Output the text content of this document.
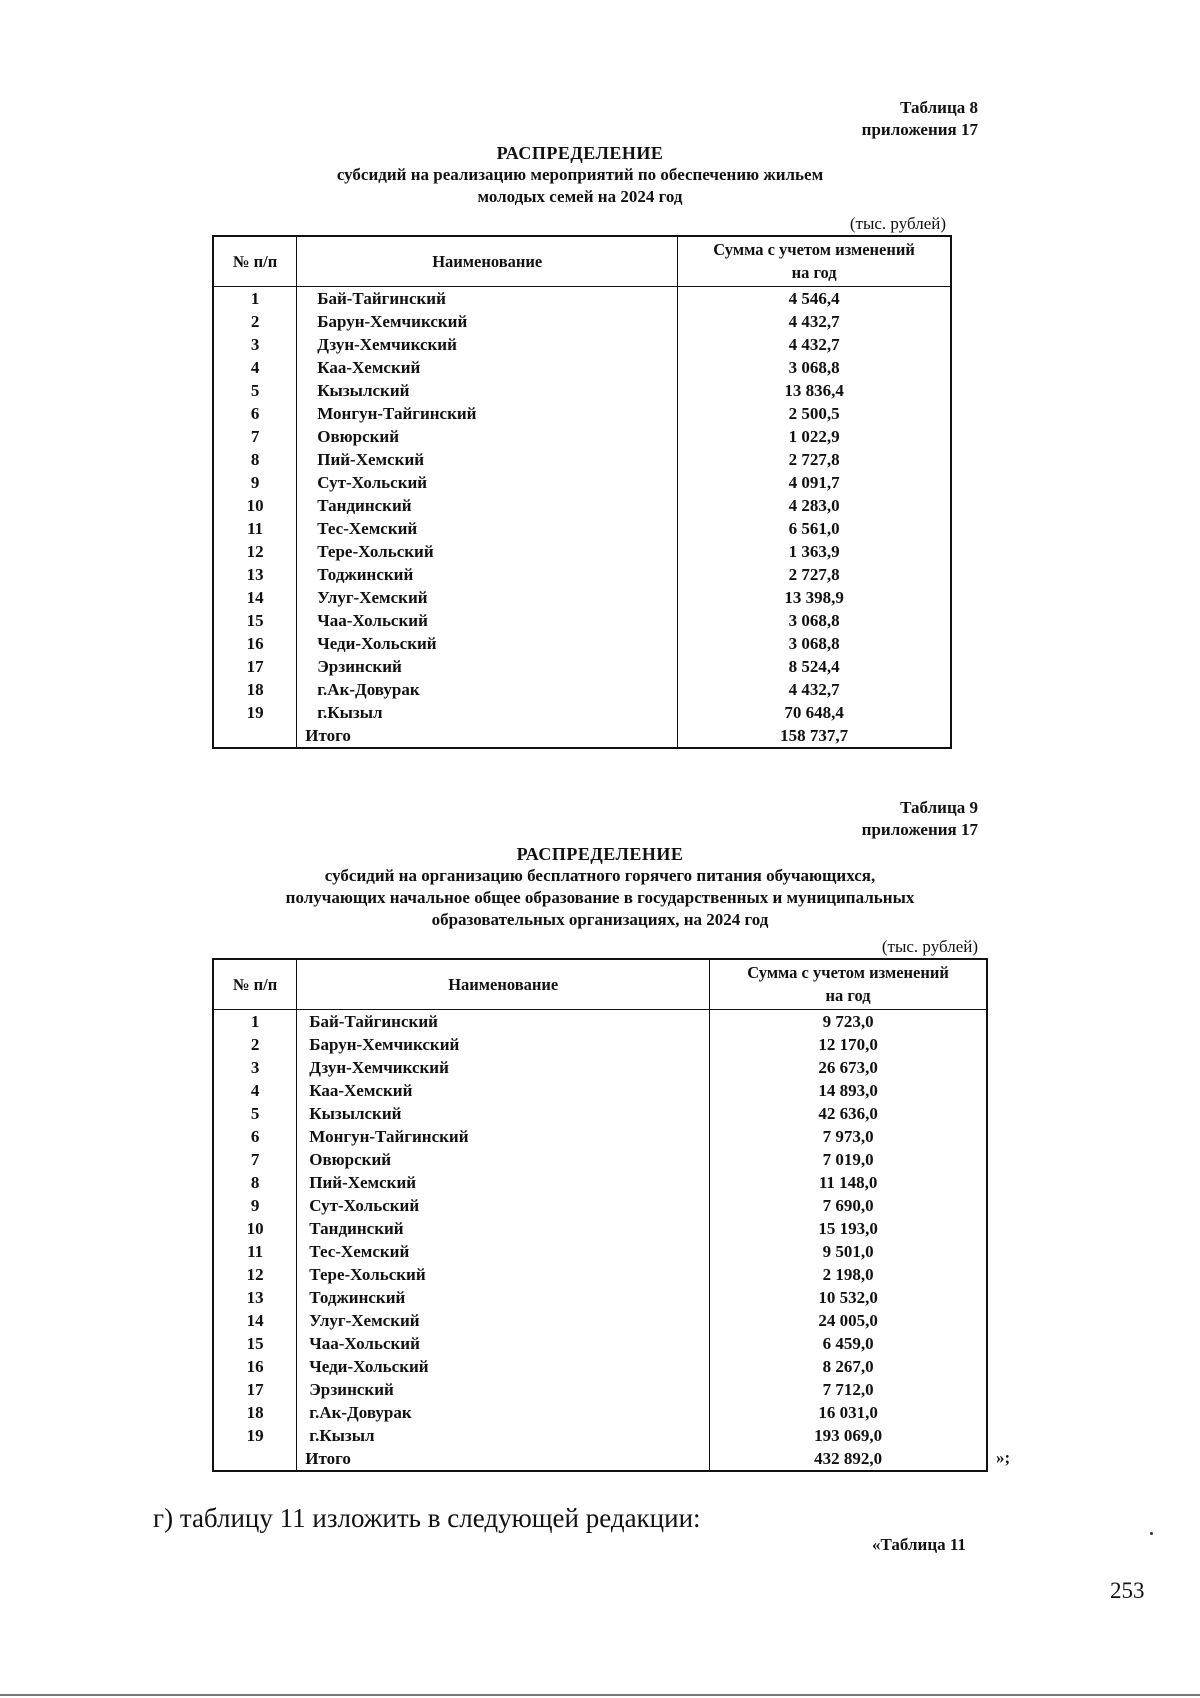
Таблица 8
приложения 17
РАСПРЕДЕЛЕНИЕ
субсидий на реализацию мероприятий по обеспечению жильем
молодых семей на 2024 год
(тыс. рублей)
№ п/п	Наименование	Сумма с учетом изменений
на год

1	Бай-Тайгинский	4 546,4
2	Барун-Хемчикский	4 432,7
3	Дзун-Хемчикский	4 432,7
4	Каа-Хемский	3 068,8
5	Кызылский	13 836,4
6	Монгун-Тайгинский	2 500,5
7	Овюрский	1 022,9
8	Пий-Хемский	2 727,8
9	Сут-Хольский	4 091,7
10	Тандинский	4 283,0
11	Тес-Хемский	6 561,0
12	Тере-Хольский	1 363,9
13	Тоджинский	2 727,8
14	Улуг-Хемский	13 398,9
15	Чаа-Хольский	3 068,8
16	Чеди-Хольский	3 068,8
17	Эрзинский	8 524,4
18	г.Ак-Довурак	4 432,7
19	г.Кызыл	70 648,4
	Итого	158 737,7
Таблица 9
приложения 17
РАСПРЕДЕЛЕНИЕ
субсидий на организацию бесплатного горячего питания обучающихся,
получающих начальное общее образование в государственных и муниципальных
образовательных организациях, на 2024 год
(тыс. рублей)
№ п/п	Наименование	Сумма с учетом изменений
на год

1	Бай-Тайгинский	9 723,0
2	Барун-Хемчикский	12 170,0
3	Дзун-Хемчикский	26 673,0
4	Каа-Хемский	14 893,0
5	Кызылский	42 636,0
6	Монгун-Тайгинский	7 973,0
7	Овюрский	7 019,0
8	Пий-Хемский	11 148,0
9	Сут-Хольский	7 690,0
10	Тандинский	15 193,0
11	Тес-Хемский	9 501,0
12	Тере-Хольский	2 198,0
13	Тоджинский	10 532,0
14	Улуг-Хемский	24 005,0
15	Чаа-Хольский	6 459,0
16	Чеди-Хольский	8 267,0
17	Эрзинский	7 712,0
18	г.Ак-Довурак	16 031,0
19	г.Кызыл	193 069,0
	Итого	432 892,0	»;
г) таблицу 11 изложить в следующей редакции:
«Таблица 11
253
